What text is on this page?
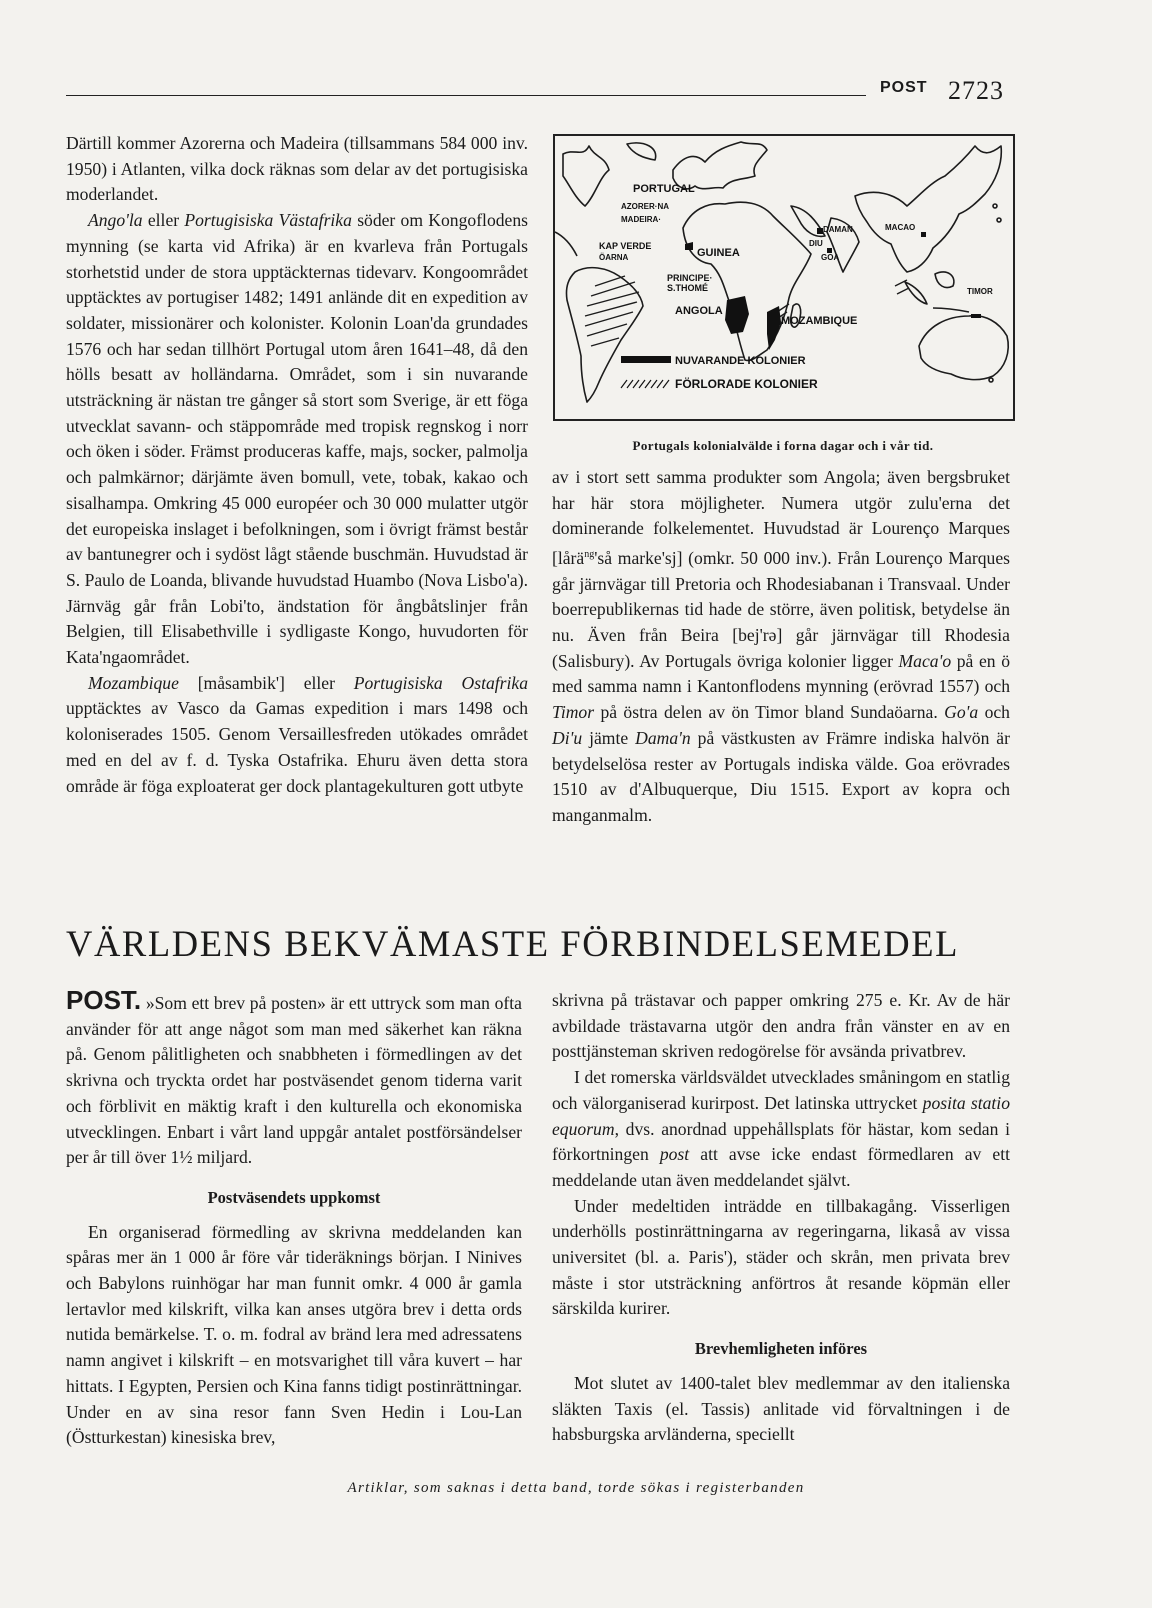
POST 2723

Därtill kommer Azorerna och Madeira (tillsammans 584 000 inv. 1950) i Atlanten, vilka dock räknas som delar av det portugisiska moderlandet.

Ango'la eller Portugisiska Västafrika söder om Kongoflodens mynning (se karta vid Afrika) är en kvarleva från Portugals storhetstid under de stora upptäckternas tidevarv. Kongoområdet upptäcktes av portugiser 1482; 1491 anlände dit en expedition av soldater, missionärer och kolonister. Kolonin Loan'da grundades 1576 och har sedan tillhört Portugal utom åren 1641–48, då den hölls besatt av holländarna. Området, som i sin nuvarande utsträckning är nästan tre gånger så stort som Sverige, är ett föga utvecklat savann- och stäppområde med tropisk regnskog i norr och öken i söder. Främst produceras kaffe, majs, socker, palmolja och palmkärnor; därjämte även bomull, vete, tobak, kakao och sisalhampa. Omkring 45 000 européer och 30 000 mulatter utgör det europeiska inslaget i befolkningen, som i övrigt främst består av bantunegrer och i sydöst lågt stående buschmän. Huvudstad är S. Paulo de Loanda, blivande huvudstad Huambo (Nova Lisbo'a). Järnväg går från Lobi'to, ändstation för ångbåtslinjer från Belgien, till Elisabethville i sydligaste Kongo, huvudorten för Kata'ngaområdet.

Mozambique [måsambik'] eller Portugisiska Ostafrika upptäcktes av Vasco da Gamas expedition i mars 1498 och koloniserades 1505. Genom Versaillesfreden utökades området med en del av f. d. Tyska Ostafrika. Ehuru även detta stora område är föga exploaterat ger dock plantagekulturen gott utbyte

PORTUGAL
AZORER·NA
MADEIRA·
KAP VERDE
ÖARNA	GUINEA
PRINCIPE·
S.THOMÉ
ANGOLA
MOZAMBIQUE
DAMAN
DIU
GOA
MACAO
TIMOR
NUVARANDE KOLONIER
FÖRLORADE KOLONIER
Portugals kolonialvälde i forna dagar och i vår tid.

av i stort sett samma produkter som Angola; även bergsbruket har här stora möjligheter. Numera utgör zulu'erna det dominerande folkelementet. Huvudstad är Lourenço Marques [lårä$^{ng}$'så marke'sj] (omkr. 50 000 inv.). Från Lourenço Marques går järnvägar till Pretoria och Rhodesiabanan i Transvaal. Under boerrepublikernas tid hade de större, även politisk, betydelse än nu. Även från Beira [bej'rə] går järnvägar till Rhodesia (Salisbury). Av Portugals övriga kolonier ligger Maca'o på en ö med samma namn i Kantonflodens mynning (erövrad 1557) och Timor på östra delen av ön Timor bland Sundaöarna. Go'a och Di'u jämte Dama'n på västkusten av Främre indiska halvön är betydelselösa rester av Portugals indiska välde. Goa erövrades 1510 av d'Albuquerque, Diu 1515. Export av kopra och manganmalm.

VÄRLDENS BEKVÄMASTE FÖRBINDELSEMEDEL

POST. »Som ett brev på posten» är ett uttryck som man ofta använder för att ange något som man med säkerhet kan räkna på. Genom pålitligheten och snabbheten i förmedlingen av det skrivna och tryckta ordet har postväsendet genom tiderna varit och förblivit en mäktig kraft i den kulturella och ekonomiska utvecklingen. Enbart i vårt land uppgår antalet postförsändelser per år till över 1½ miljard.

Postväsendets uppkomst

En organiserad förmedling av skrivna meddelanden kan spåras mer än 1 000 år före vår tideräknings början. I Ninives och Babylons ruinhögar har man funnit omkr. 4 000 år gamla lertavlor med kilskrift, vilka kan anses utgöra brev i detta ords nutida bemärkelse. T. o. m. fodral av bränd lera med adressatens namn angivet i kilskrift – en motsvarighet till våra kuvert – har hittats. I Egypten, Persien och Kina fanns tidigt postinrättningar. Under en av sina resor fann Sven Hedin i Lou-Lan (Östturkestan) kinesiska brev,

skrivna på trästavar och papper omkring 275 e. Kr. Av de här avbildade trästavarna utgör den andra från vänster en av en posttjänsteman skriven redogörelse för avsända privatbrev.

I det romerska världsväldet utvecklades småningom en statlig och välorganiserad kurirpost. Det latinska uttrycket posita statio equorum, dvs. anordnad uppehållsplats för hästar, kom sedan i förkortningen post att avse icke endast förmedlaren av ett meddelande utan även meddelandet självt.

Under medeltiden inträdde en tillbakagång. Visserligen underhölls postinrättningarna av regeringarna, likaså av vissa universitet (bl. a. Paris'), städer och skrån, men privata brev måste i stor utsträckning anförtros åt resande köpmän eller särskilda kurirer.

Brevhemligheten införes

Mot slutet av 1400-talet blev medlemmar av den italienska släkten Taxis (el. Tassis) anlitade vid förvaltningen i de habsburgska arvländerna, speciellt

Artiklar, som saknas i detta band, torde sökas i registerbanden
